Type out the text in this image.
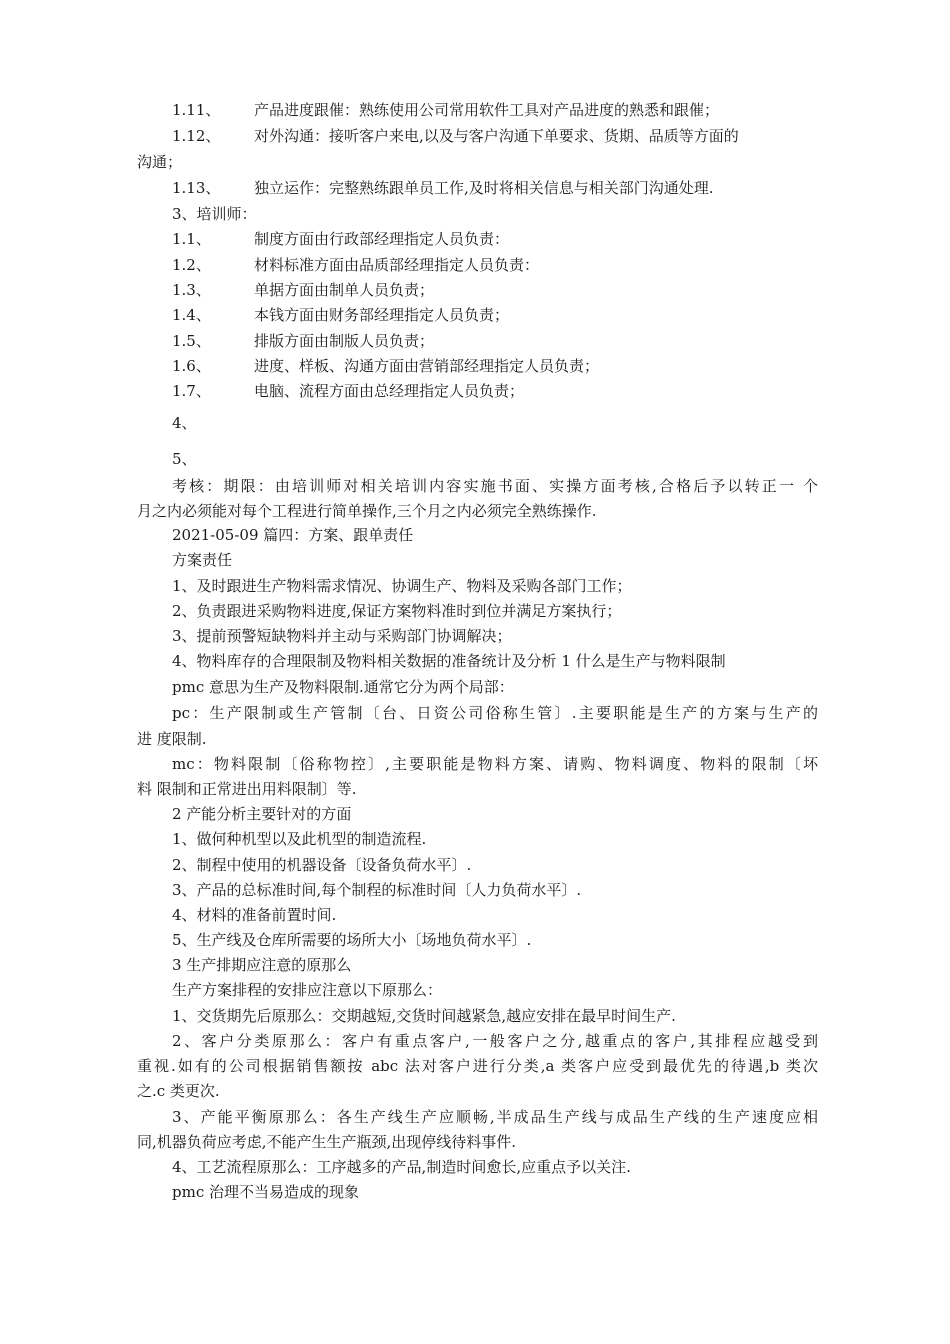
1.11、 产品进度跟催：熟练使用公司常用软件工具对产品进度的熟悉和跟催；
1.12、 对外沟通：接听客户来电,以及与客户沟通下单要求、货期、品质等方面的
沟通；
1.13、 独立运作：完整熟练跟单员工作,及时将相关信息与相关部门沟通处理.
3、培训师：
1.1、	制度方面由行政部经理指定人员负责：
1.2、	材料标准方面由品质部经理指定人员负责：
1.3、	单据方面由制单人员负责；
1.4、	本钱方面由财务部经理指定人员负责；
1.5、	排版方面由制版人员负责；
1.6、	进度、样板、沟通方面由营销部经理指定人员负责；
1.7、	电脑、流程方面由总经理指定人员负责；
4、
5、
考核：期限：由培训师对相关培训内容实施书面、实操方面考核,合格后予以转正一 个
月之内必须能对每个工程进行简单操作,三个月之内必须完全熟练操作.
2021-05-09 篇四：方案、跟单责任
方案责任
1、及时跟进生产物料需求情况、协调生产、物料及采购各部门工作；
2、负责跟进采购物料进度,保证方案物料准时到位并满足方案执行；
3、提前预警短缺物料并主动与采购部门协调解决；
4、物料库存的合理限制及物料相关数据的准备统计及分析 1 什么是生产与物料限制
pmc 意思为生产及物料限制.通常它分为两个局部：
pc：生产限制或生产管制〔台、日资公司俗称生管〕.主要职能是生产的方案与生产的
进 度限制.
mc：物料限制〔俗称物控〕,主要职能是物料方案、请购、物料调度、物料的限制〔坏
料 限制和正常进出用料限制〕等.
2 产能分析主要针对的方面
1、做何种机型以及此机型的制造流程.
2、制程中使用的机器设备〔设备负荷水平〕.
3、产品的总标准时间,每个制程的标准时间〔人力负荷水平〕.
4、材料的准备前置时间.
5、生产线及仓库所需要的场所大小〔场地负荷水平〕.
3 生产排期应注意的原那么
生产方案排程的安排应注意以下原那么：
1、交货期先后原那么：交期越短,交货时间越紧急,越应安排在最早时间生产.
2、客户分类原那么：客户有重点客户,一般客户之分,越重点的客户,其排程应越受到
重视.如有的公司根据销售额按 abc 法对客户进行分类,a 类客户应受到最优先的待遇,b 类次
之.c 类更次.
3、产能平衡原那么：各生产线生产应顺畅,半成品生产线与成品生产线的生产速度应相
同,机器负荷应考虑,不能产生生产瓶颈,出现停线待料事件.
4、工艺流程原那么：工序越多的产品,制造时间愈长,应重点予以关注.
pmc 治理不当易造成的现象
